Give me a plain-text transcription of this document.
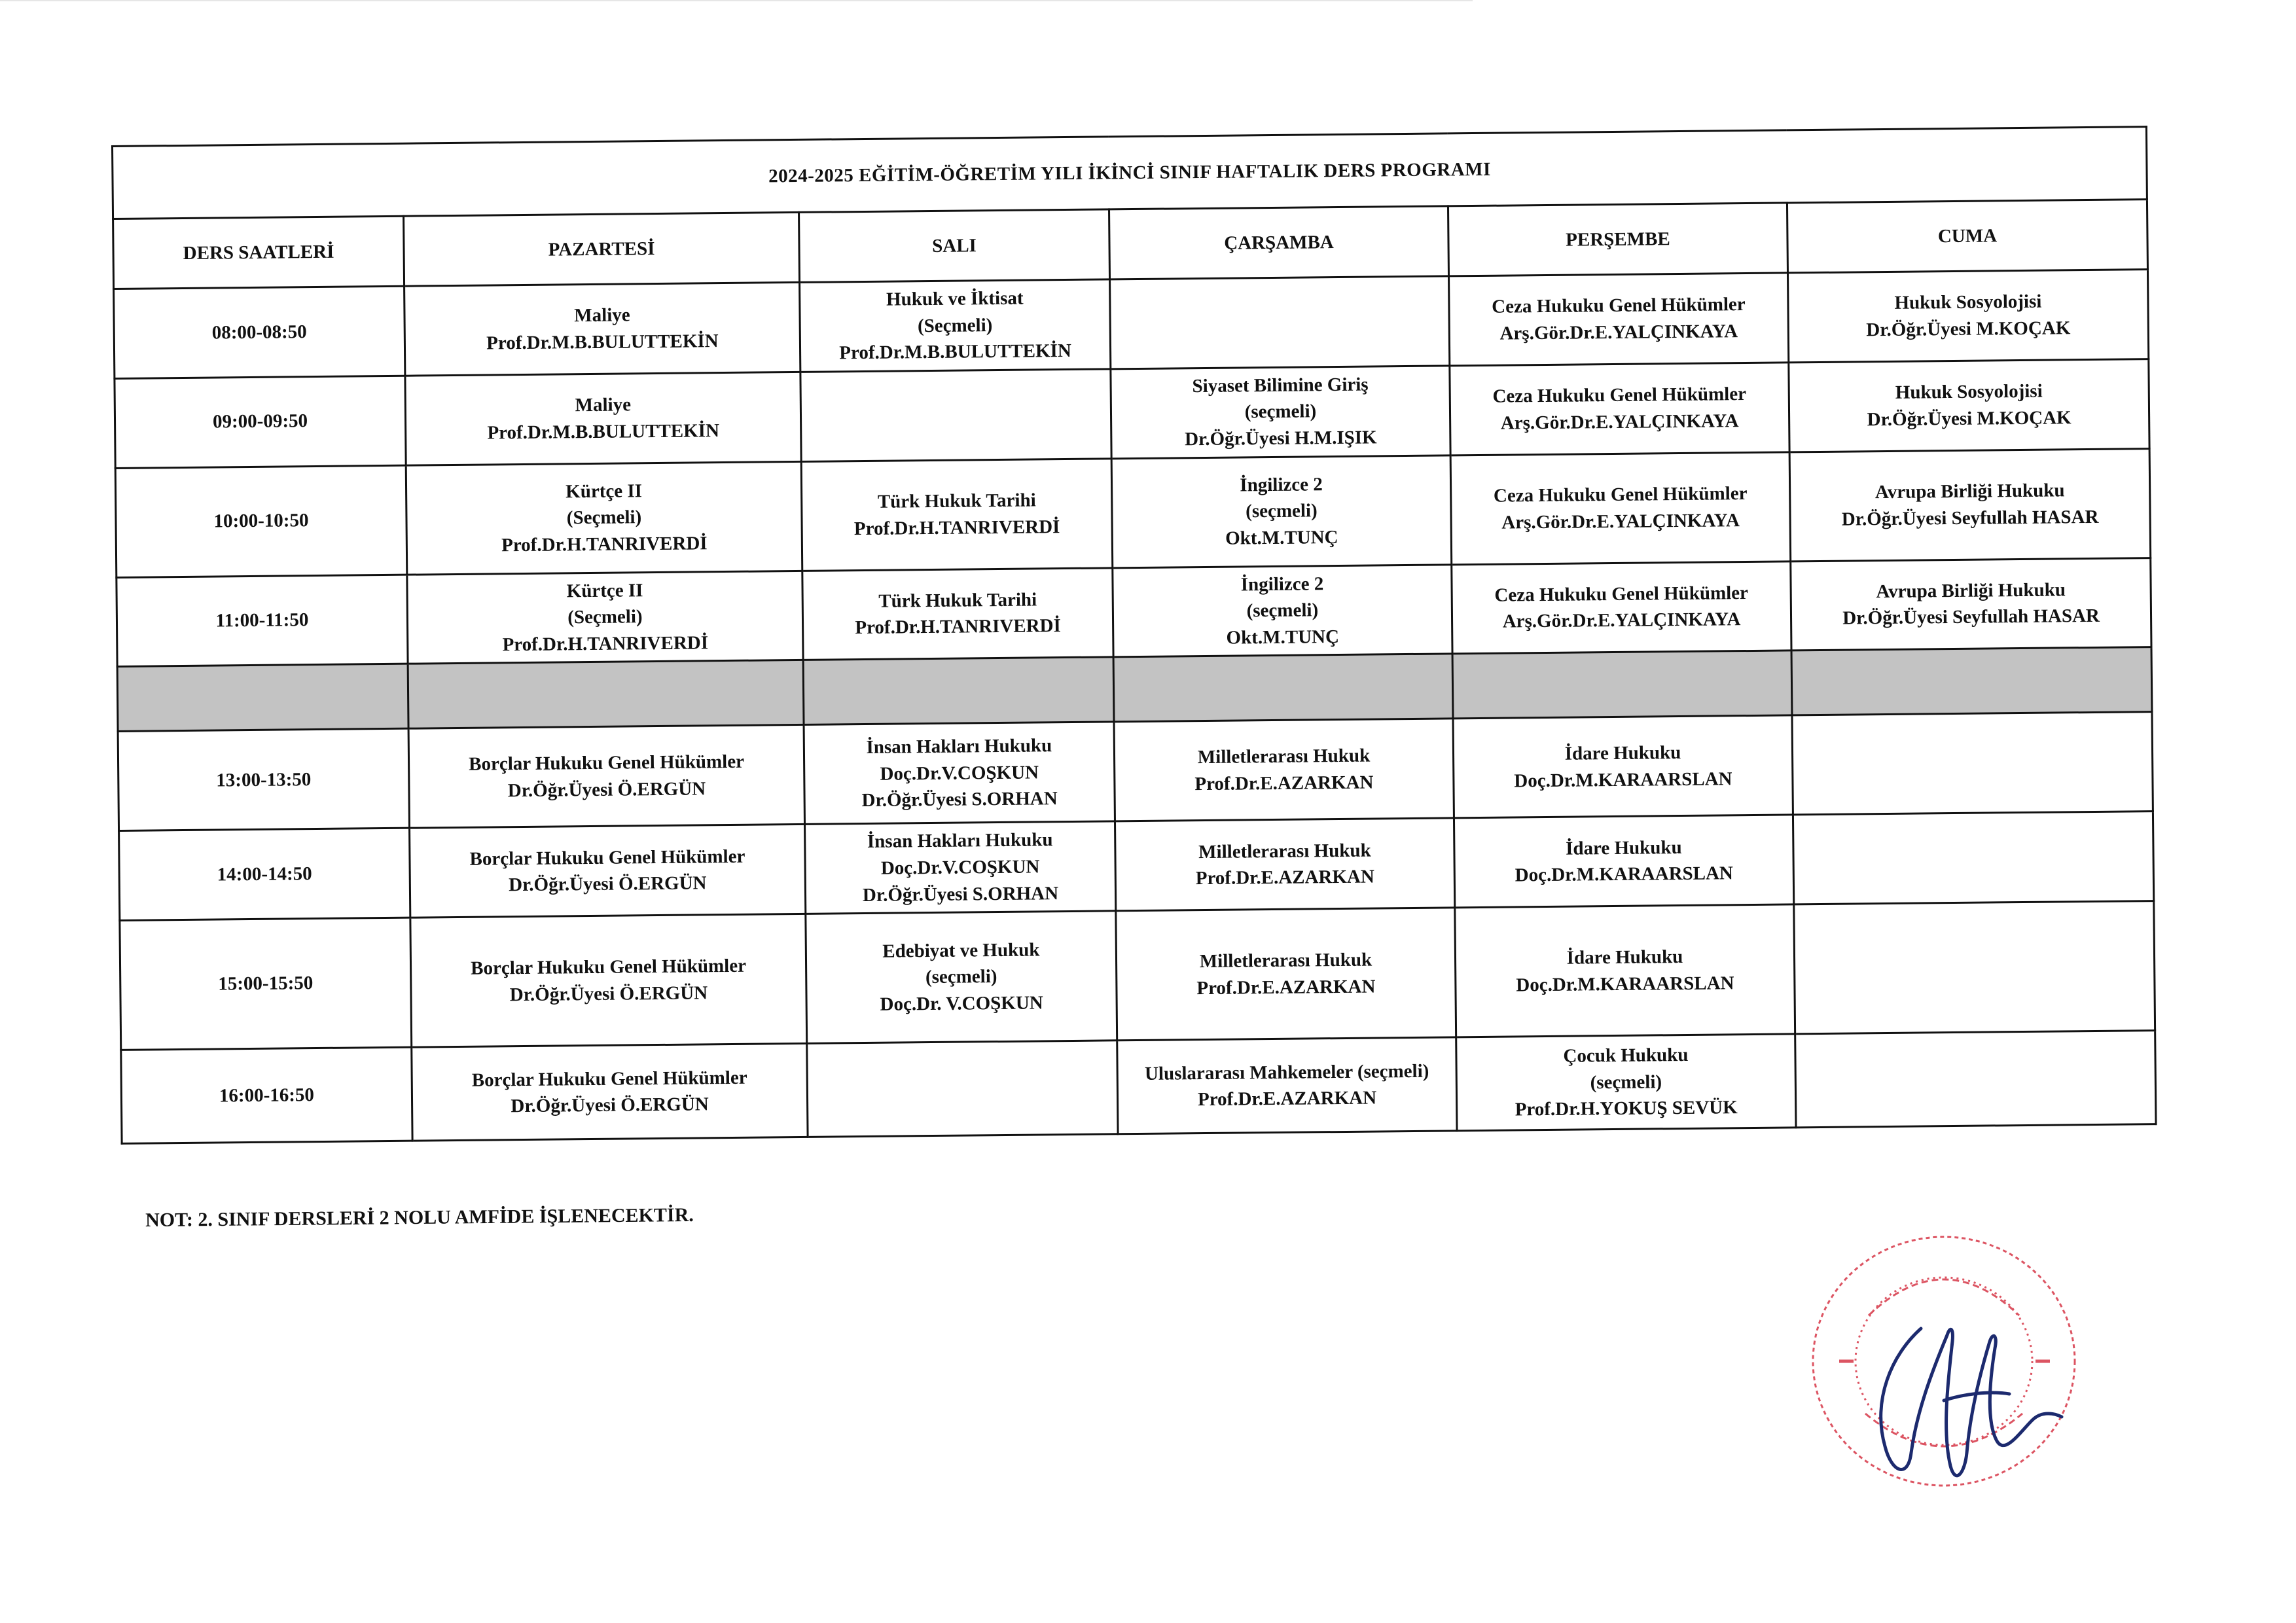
2024-2025 EĞİTİM-ÖĞRETİM YILI İKİNCİ SINIF HAFTALIK DERS PROGRAMI					
DERS SAATLERİ	PAZARTESİ	SALI	ÇARŞAMBA	PERŞEMBE	CUMA
08:00-08:50	Maliye
Prof.Dr.M.B.BULUTTEKİN	Hukuk ve İktisat
(Seçmeli)
Prof.Dr.M.B.BULUTTEKİN		Ceza Hukuku Genel Hükümler
Arş.Gör.Dr.E.YALÇINKAYA	Hukuk Sosyolojisi
Dr.Öğr.Üyesi M.KOÇAK

09:00-09:50	Maliye
Prof.Dr.M.B.BULUTTEKİN		Siyaset Bilimine Giriş
(seçmeli)
Dr.Öğr.Üyesi H.M.IŞIK	Ceza Hukuku Genel Hükümler
Arş.Gör.Dr.E.YALÇINKAYA	Hukuk Sosyolojisi
Dr.Öğr.Üyesi M.KOÇAK

10:00-10:50	Kürtçe II
(Seçmeli)
Prof.Dr.H.TANRIVERDİ	Türk Hukuk Tarihi
Prof.Dr.H.TANRIVERDİ	İngilizce 2
(seçmeli)
Okt.M.TUNÇ	Ceza Hukuku Genel Hükümler
Arş.Gör.Dr.E.YALÇINKAYA	Avrupa Birliği Hukuku
Dr.Öğr.Üyesi Seyfullah HASAR

11:00-11:50	Kürtçe II
(Seçmeli)
Prof.Dr.H.TANRIVERDİ	Türk Hukuk Tarihi
Prof.Dr.H.TANRIVERDİ	İngilizce 2
(seçmeli)
Okt.M.TUNÇ	Ceza Hukuku Genel Hükümler
Arş.Gör.Dr.E.YALÇINKAYA	Avrupa Birliği Hukuku
Dr.Öğr.Üyesi Seyfullah HASAR

13:00-13:50	Borçlar Hukuku Genel Hükümler
Dr.Öğr.Üyesi Ö.ERGÜN	İnsan Hakları Hukuku
Doç.Dr.V.COŞKUN
Dr.Öğr.Üyesi S.ORHAN	Milletlerarası Hukuk
Prof.Dr.E.AZARKAN	İdare Hukuku
Doç.Dr.M.KARAARSLAN	

14:00-14:50	Borçlar Hukuku Genel Hükümler
Dr.Öğr.Üyesi Ö.ERGÜN	İnsan Hakları Hukuku
Doç.Dr.V.COŞKUN
Dr.Öğr.Üyesi S.ORHAN	Milletlerarası Hukuk
Prof.Dr.E.AZARKAN	İdare Hukuku
Doç.Dr.M.KARAARSLAN	

15:00-15:50	Borçlar Hukuku Genel Hükümler
Dr.Öğr.Üyesi Ö.ERGÜN	Edebiyat ve Hukuk
(seçmeli)
Doç.Dr. V.COŞKUN	Milletlerarası Hukuk
Prof.Dr.E.AZARKAN	İdare Hukuku
Doç.Dr.M.KARAARSLAN	

16:00-16:50	Borçlar Hukuku Genel Hükümler
Dr.Öğr.Üyesi Ö.ERGÜN		Uluslararası Mahkemeler (seçmeli)
Prof.Dr.E.AZARKAN	Çocuk Hukuku
(seçmeli)
Prof.Dr.H.YOKUŞ SEVÜK	

NOT: 2. SINIF DERSLERİ 2 NOLU AMFİDE İŞLENECEKTİR.
